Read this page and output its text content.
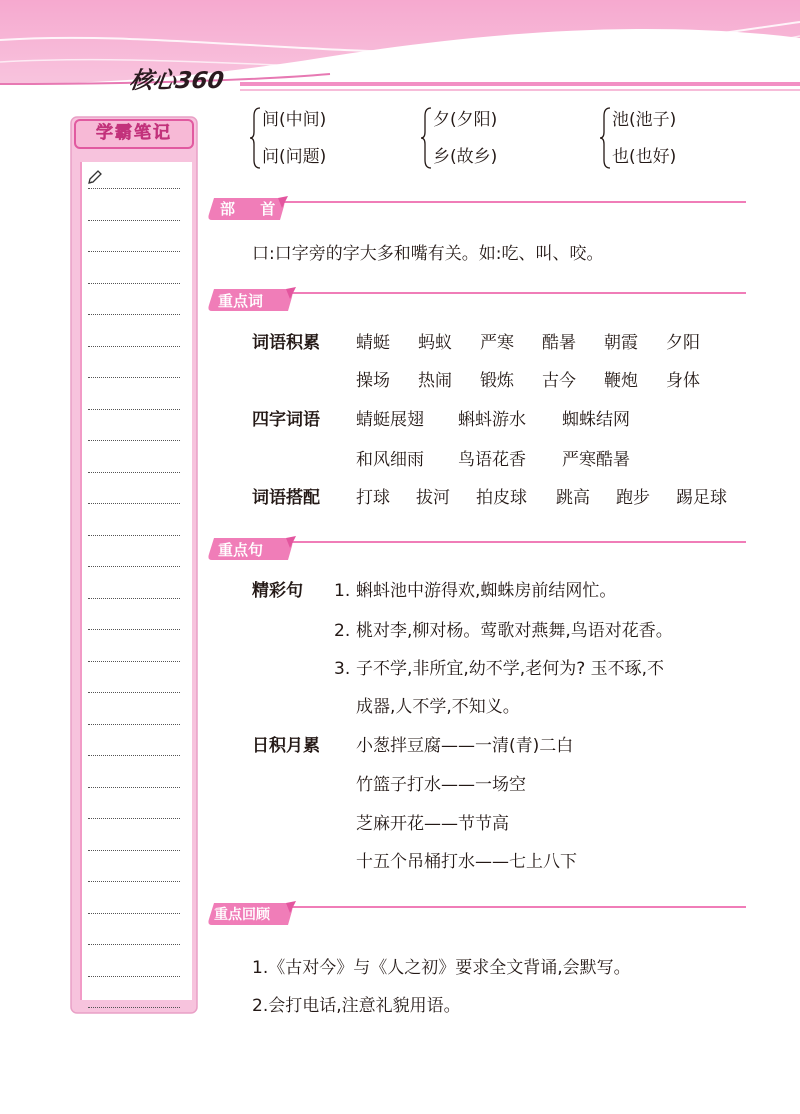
核心360
学霸笔记
间(中间)
问(问题)
夕(夕阳)
乡(故乡)
池(池子)
也(也好)
部 首
口:口字旁的字大多和嘴有关。如:吃、叫、咬。
重点词
词语积累 蜻蜓 蚂蚁 严寒 酷暑 朝霞 夕阳
操场 热闹 锻炼 古今 鞭炮 身体
四字词语 蜻蜓展翅 蝌蚪游水 蜘蛛结网
和风细雨 鸟语花香 严寒酷暑
词语搭配 打球 拔河 拍皮球 跳高 跑步 踢足球
重点句
精彩句 1. 蝌蚪池中游得欢,蜘蛛房前结网忙。
2. 桃对李,柳对杨。莺歌对燕舞,鸟语对花香。
3. 子不学,非所宜,幼不学,老何为? 玉不琢,不
成器,人不学,不知义。
日积月累 小葱拌豆腐——一清(青)二白
竹篮子打水——一场空
芝麻开花——节节高
十五个吊桶打水——七上八下
重点回顾
1.《古对今》与《人之初》要求全文背诵,会默写。
2.会打电话,注意礼貌用语。
